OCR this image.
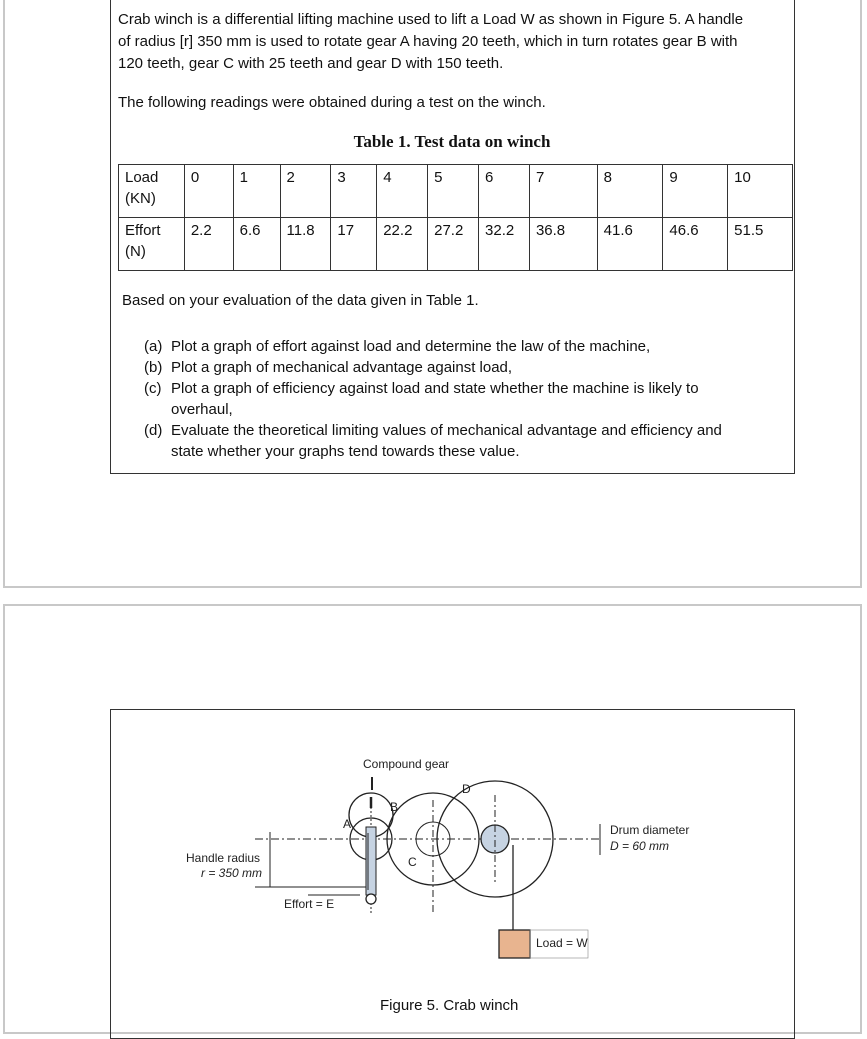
Crab winch is a differential lifting machine used to lift a Load W as shown in Figure 5. A handle
of radius [r] 350 mm is used to rotate gear A having 20 teeth, which in turn rotates gear B with
120 teeth, gear C with 25 teeth and gear D with 150 teeth.

The following readings were obtained during a test on the winch.

Table 1. Test data on winch

Load
(KN)	0	1	2	3	4	5	6	7	8	9	10
Effort
(N)	2.2	6.6	11.8	17	22.2	27.2	32.2	36.8	41.6	46.6	51.5

Based on your evaluation of the data given in Table 1.

(a) Plot a graph of effort against load and determine the law of the machine,
(b) Plot a graph of mechanical advantage against load,
(c) Plot a graph of efficiency against load and state whether the machine is likely to
overhaul,
(d) Evaluate the theoretical limiting values of mechanical advantage and efficiency and
state whether your graphs tend towards these value.
Compound gear
A
B
C
D
Handle radius
r = 350 mm
Effort = E
Drum diameter
D = 60 mm
Load = W

Figure 5. Crab winch
